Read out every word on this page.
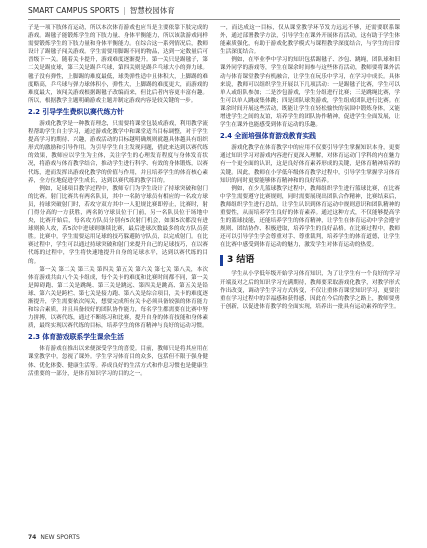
SMART CAMPUS SPORTS | 智慧校园体育

子是一项下肢体育运动，所以本次体育游戏也应当是主要依靠下肢完成的游戏。踢毽子能锻炼学生的下肢力量、身体平衡能力，所以该款游戏同样需要锻炼学生的下肢力量和身体平衡能力。在综合这一系列情况后，教师设计了踢毽子闯关游戏。学生需要用脚踢不同的物品，达到一定数量后可晋级下一关。随着关卡提升，游戏难度逐渐提升。第一关只是踢毽子，第二关是踢皮球，第三关是踢乒乓球，第四关则是踢乒乓球大小的弹力球。毽子没有弹性，上脚踢的难度最低，球类弹性适中且体积大，上脚踢的难度略高，乒乓球与弹力球体积小，弹性大，上脚踢的难度更大，而游戏的难度最大，该闯关游戏根据踢毽子改编而来，但比后者内容更丰富有趣。所以，根据教学主题明确游戏主题并制定游戏内容是较关键的一步。

2.2 引导学生费炽以赛代练方针

游戏化教学是一种教育理念，只需要将课堂包装成游戏，利用教学流程帮助学生自主学习，通过游戏化教学中和课堂适当目标调整，对于学生提高学习的期待、兴趣，游戏活动的目标越明确规则就越具体越具有组织形式的激励和引导作用。为引导学生自主发现问题，借此来达到以赛代练的效果，教师应以学生为主体，关注学生的心理发育程度与身体发育状况，将游戏与体育教学结合，推动学生进行科学、有效的身体锻炼，以赛代练，进而发挥出游戏化教学的价值与作用，并且培养学生的体育核心素养，全方位地促进学生成长，达到以赛代练的教学目的。

例如，足球项目教学过程中，教师专门为学生设计了持球突破和射门的比赛。射门比赛共有两名队员，其中一名防守球员有相应的一名攻方球员，持球突破射门时，若攻守双方其中一人犯规比赛即停止，比赛时，射门得分高的一方获胜，两名防守球员位于门前，另一名队员位于场地中央，比赛开始后，每名攻方队员分别有5次射门机会，如果5次都没有进球则换人攻，若5次中进球则继续比赛，最后进球次数最多的攻方队员获胜。比赛中，学生需要运用足球的技巧躲避防守队员，以完成射门。在比赛过程中，学生可以通过持球突破和射门来提升自己的足球技巧，在以赛代练的过程中，学生将快速地提升自身的足球水平，达到以赛代练的目的。

第一关 第二关 第三关 第四关 第五关 第六关 第七关 第八关，本次体育游戏共由八个关卡组成，每个关卡的难度和比赛时间都不同，第一关是障碍跑、第二关是跳绳、第三关是跳远、第四关是跳高、第五关是铅球、第六关是跨栏、第七关是接力跑、第八关是综合项目，关卡的难度逐渐提升，学生需要依次闯关，想要完成所有关卡必须具备较强的体育能力和综合素质，并且具备较好的团队协作能力，每名学生都需要在比赛中努力拼搏，以赛代练，通过不断练习和比赛，提升自身的体育技能和身体素质，最终实现以赛代练的目标，培养学生的体育精神与良好的运动习惯。

2.3 体育游戏联系学生课余生活

体育游戏在推出以来便深受学生的喜爱。目前，教师只是将其应用在课堂教学中，忽视了课外。学生学习体育目的众多，包括但不限于强身健体、优化体姿、健康生活等。养成良好的生活方式和作息习惯也是健康生活重要的一部分，是体育知识学习的目的之一。

一，而达成这一目标，仅从课堂教学环节发力远远不够，还需要联系课外，通过部署教学方法，引导学生在课外开展体育活动，这有助于学生体能素质强化，有助于游戏化教学模式与课程教学深度结合，与学生的日常生活深度结合。

例如，在毕业季中学习的知识包括踢毽子、沙包、跳绳，团队球和旧课外同学的游戏等，学生在课余时间参与这些体育活动，教师要将课外活动与体育课堂教学有机融合，让学生在玩乐中学习，在学习中成长。具体来说，教师可以组织学生开展以下几项活动：一是踢毽子比赛，学生可以单人或组队参加；二是沙包游戏，学生分组进行比赛；三是跳绳比赛，学生可以单人跳或集体跳；四是团队球类游戏，学生组成团队进行比赛。在课余时间开展这些活动，既能让学生在轻松愉快的氛围中锻炼身体，又能增进学生之间的友谊，培养学生的团队协作精神，促进学生全面发展，让学生在课外也能感受到体育运动的乐趣。

2.4 全面培强体育游戏教育实践

游戏化教学在体育教学中的应用不仅要引导学生掌握知识本身，更要通过知识学习对游戏内容进行更深入理解，对体育运动门学科的内在魅力有一个更全面的认识，这是良好体育素养形成的关键，是体育精神培养的关键。因此，教师在小学低年级体育教学过程中，引导学生掌握学习体育知识的同时更要能够体育精神和的良好培养。

例如，在少儿篮球教学过程中，教师组织学生进行篮球比赛，在比赛中学生需要遵守比赛规则，同时需要展现出团队合作精神，比赛结束后，教师组织学生进行总结，让学生认识到体育运动中规则意识和团队精神的重要性，从而培养学生良好的体育素养。通过这种方式，不仅能够提高学生的篮球技能，还能培养学生的体育精神，让学生在体育运动中学会遵守规则、团结协作、积极进取，培养学生的良好品格。在比赛过程中，教师还可以引导学生学会尊重对手、尊重裁判，培养学生的体育道德，让学生在比赛中感受到体育运动的魅力，激发学生对体育运动的热爱。

3 结语

学生从小学低年级开始学习体育知识，为了让学生有一个良好的学习开端及对之后的知识学习充满期待，教师要采取游戏化教学，对教学形式作出改变，调动学生学习方式转变，不仅让重体育课堂知识学习，更要注重在学习过程中的幸福感和获得感，因此在今后的教学之路上，教师要勇于创新，以促进体育教学的全面实现，培养出一批具有运动素养的学生。

74 NEW SPORTS
